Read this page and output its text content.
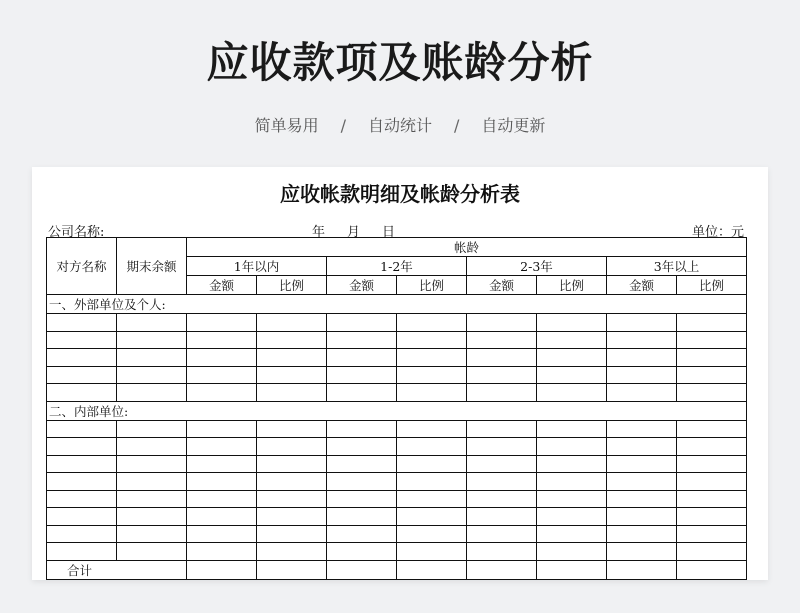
应收款项及账龄分析
简单易用 / 自动统计 / 自动更新
应收帐款明细及帐龄分析表
公司名称:	年 月 日	单位：元
对方名称	期末余额	帐龄							
		1年以内		1-2年		2-3年		3年以上	
		金额	比例	金额	比例	金额	比例	金额	比例
一、外部单位及个人:									

二、内部单位:									

合计									
